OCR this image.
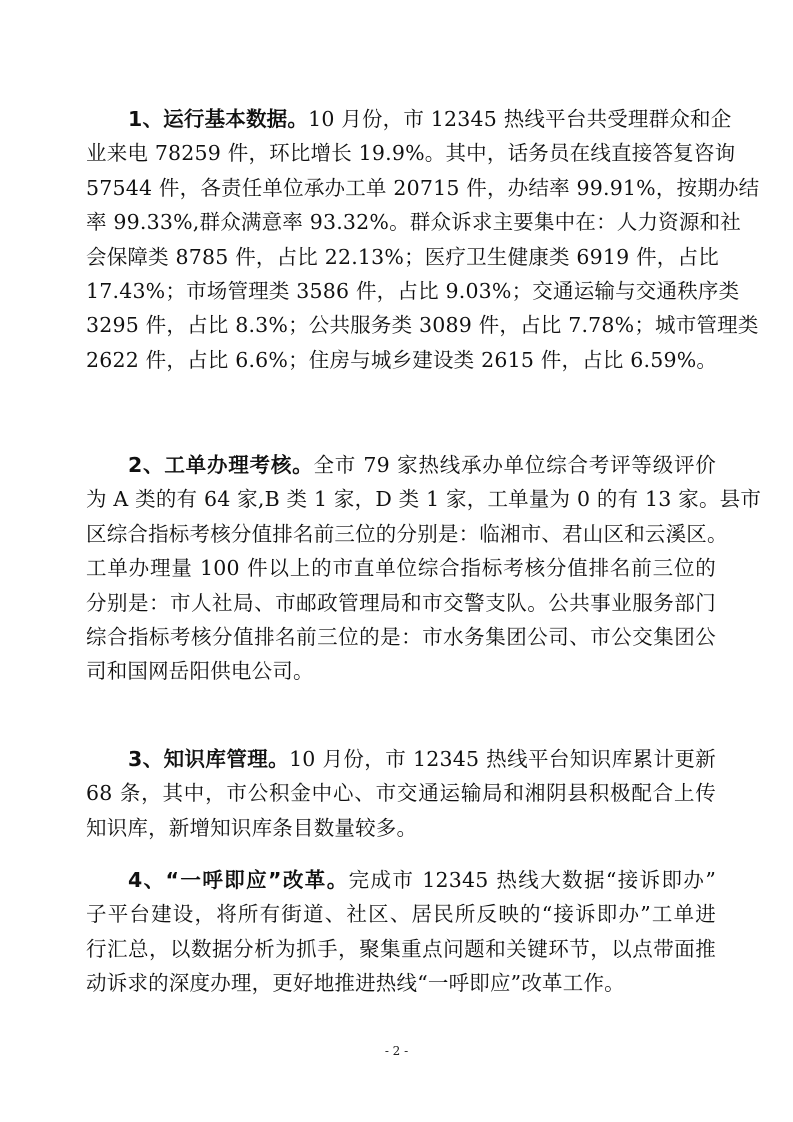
1、运行基本数据。10 月份，市 12345 热线平台共受理群众和企
业来电 78259 件，环比增长 19.9%。其中，话务员在线直接答复咨询
57544 件，各责任单位承办工单 20715 件，办结率 99.91%，按期办结
率 99.33%,群众满意率 93.32%。群众诉求主要集中在：人力资源和社
会保障类 8785 件，占比 22.13%；医疗卫生健康类 6919 件，占比
17.43%；市场管理类 3586 件，占比 9.03%；交通运输与交通秩序类
3295 件，占比 8.3%；公共服务类 3089 件，占比 7.78%；城市管理类
2622 件，占比 6.6%；住房与城乡建设类 2615 件，占比 6.59%。
2、工单办理考核。全市 79 家热线承办单位综合考评等级评价
为 A 类的有 64 家,B 类 1 家，D 类 1 家，工单量为 0 的有 13 家。县市
区综合指标考核分值排名前三位的分别是：临湘市、君山区和云溪区。
工单办理量 100 件以上的市直单位综合指标考核分值排名前三位的
分别是：市人社局、市邮政管理局和市交警支队。公共事业服务部门
综合指标考核分值排名前三位的是：市水务集团公司、市公交集团公
司和国网岳阳供电公司。
3、知识库管理。10 月份，市 12345 热线平台知识库累计更新
68 条，其中，市公积金中心、市交通运输局和湘阴县积极配合上传
知识库，新增知识库条目数量较多。
4、“一呼即应”改革。完成市 12345 热线大数据“接诉即办”
子平台建设，将所有街道、社区、居民所反映的“接诉即办”工单进
行汇总，以数据分析为抓手，聚集重点问题和关键环节，以点带面推
动诉求的深度办理，更好地推进热线“一呼即应”改革工作。
- 2 -
